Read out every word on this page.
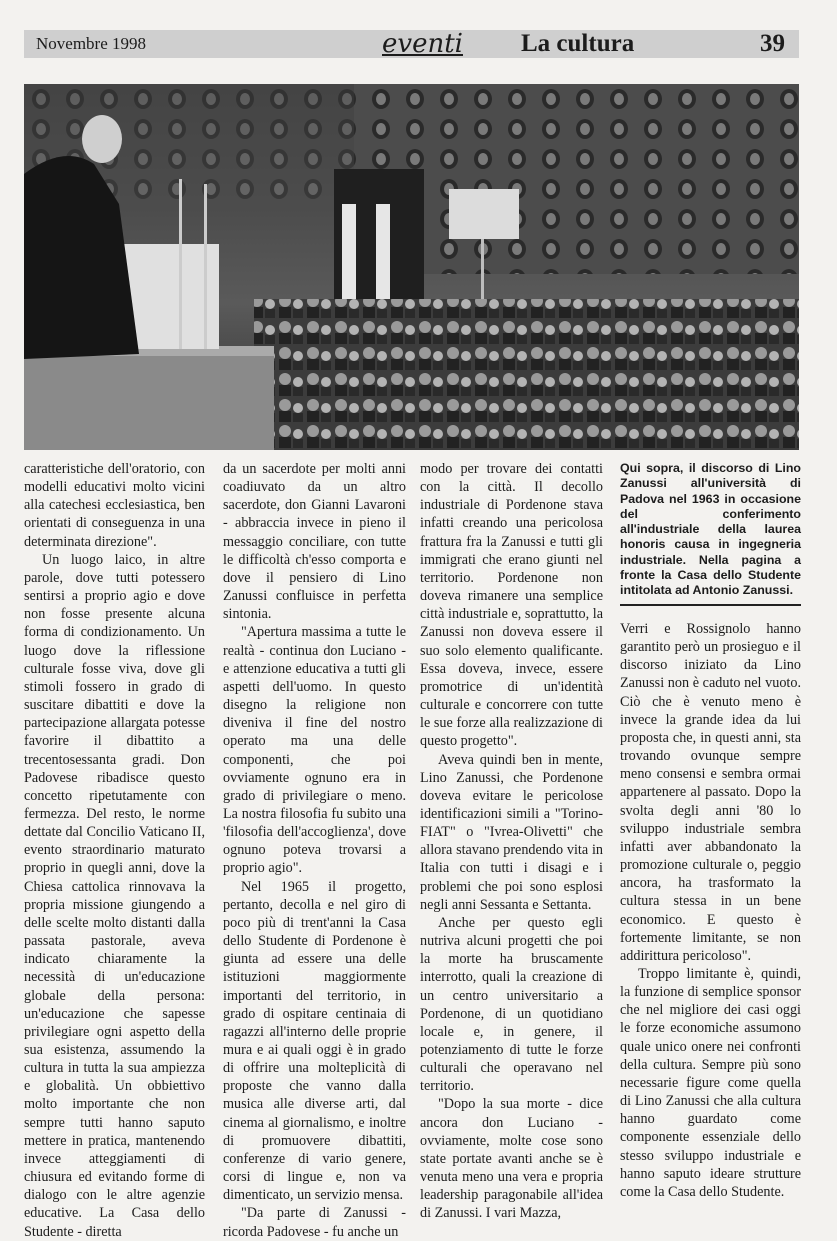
Novembre 1998	eventi La cultura	39

caratteristiche dell'oratorio, con modelli educativi molto vicini alla catechesi ecclesiastica, ben orientati di conseguenza in una determinata direzione".

Un luogo laico, in altre parole, dove tutti potessero sentirsi a proprio agio e dove non fosse presente alcuna forma di condizionamento. Un luogo dove la riflessione culturale fosse viva, dove gli stimoli fossero in grado di suscitare dibattiti e dove la partecipazione allargata potesse favorire il dibattito a trecentosessanta gradi. Don Padovese ribadisce questo concetto ripetutamente con fermezza. Del resto, le norme dettate dal Concilio Vaticano II, evento straordinario maturato proprio in quegli anni, dove la Chiesa cattolica rinnovava la propria missione giungendo a delle scelte molto distanti dalla passata pastorale, aveva indicato chiaramente la necessità di un'educazione globale della persona: un'educazione che sapesse privilegiare ogni aspetto della sua esistenza, assumendo la cultura in tutta la sua ampiezza e globalità. Un obbiettivo molto importante che non sempre tutti hanno saputo mettere in pratica, mantenendo invece atteggiamenti di chiusura ed evitando forme di dialogo con le altre agenzie educative. La Casa dello Studente - diretta

da un sacerdote per molti anni coadiuvato da un altro sacerdote, don Gianni Lavaroni - abbraccia invece in pieno il messaggio conciliare, con tutte le difficoltà ch'esso comporta e dove il pensiero di Lino Zanussi confluisce in perfetta sintonia.

"Apertura massima a tutte le realtà - continua don Luciano - e attenzione educativa a tutti gli aspetti dell'uomo. In questo disegno la religione non diveniva il fine del nostro operato ma una delle componenti, che poi ovviamente ognuno era in grado di privilegiare o meno. La nostra filosofia fu subito una 'filosofia dell'accoglienza', dove ognuno poteva trovarsi a proprio agio".

Nel 1965 il progetto, pertanto, decolla e nel giro di poco più di trent'anni la Casa dello Studente di Pordenone è giunta ad essere una delle istituzioni maggiormente importanti del territorio, in grado di ospitare centinaia di ragazzi all'interno delle proprie mura e ai quali oggi è in grado di offrire una molteplicità di proposte che vanno dalla musica alle diverse arti, dal cinema al giornalismo, e inoltre di promuovere dibattiti, conferenze di vario genere, corsi di lingue e, non va dimenticato, un servizio mensa.

"Da parte di Zanussi - ricorda Padovese - fu anche un

modo per trovare dei contatti con la città. Il decollo industriale di Pordenone stava infatti creando una pericolosa frattura fra la Zanussi e tutti gli immigrati che erano giunti nel territorio. Pordenone non doveva rimanere una semplice città industriale e, soprattutto, la Zanussi non doveva essere il suo solo elemento qualificante. Essa doveva, invece, essere promotrice di un'identità culturale e concorrere con tutte le sue forze alla realizzazione di questo progetto".

Aveva quindi ben in mente, Lino Zanussi, che Pordenone doveva evitare le pericolose identificazioni simili a "Torino-FIAT" o "Ivrea-Olivetti" che allora stavano prendendo vita in Italia con tutti i disagi e i problemi che poi sono esplosi negli anni Sessanta e Settanta.

Anche per questo egli nutriva alcuni progetti che poi la morte ha bruscamente interrotto, quali la creazione di un centro universitario a Pordenone, di un quotidiano locale e, in genere, il potenziamento di tutte le forze culturali che operavano nel territorio.

"Dopo la sua morte - dice ancora don Luciano - ovviamente, molte cose sono state portate avanti anche se è venuta meno una vera e propria leadership paragonabile all'idea di Zanussi. I vari Mazza,

Qui sopra, il discorso di Lino Zanussi all'università di Padova nel 1963 in occasione del conferimento all'industriale della laurea honoris causa in ingegneria industriale. Nella pagina a fronte la Casa dello Studente intitolata ad Antonio Zanussi.

Verri e Rossignolo hanno garantito però un prosieguo e il discorso iniziato da Lino Zanussi non è caduto nel vuoto. Ciò che è venuto meno è invece la grande idea da lui proposta che, in questi anni, sta trovando ovunque sempre meno consensi e sembra ormai appartenere al passato. Dopo la svolta degli anni '80 lo sviluppo industriale sembra infatti aver abbandonato la promozione culturale o, peggio ancora, ha trasformato la cultura stessa in un bene economico. E questo è fortemente limitante, se non addirittura pericoloso".

Troppo limitante è, quindi, la funzione di semplice sponsor che nel migliore dei casi oggi le forze economiche assumono quale unico onere nei confronti della cultura. Sempre più sono necessarie figure come quella di Lino Zanussi che alla cultura hanno guardato come componente essenziale dello stesso sviluppo industriale e hanno saputo ideare strutture come la Casa dello Studente.
